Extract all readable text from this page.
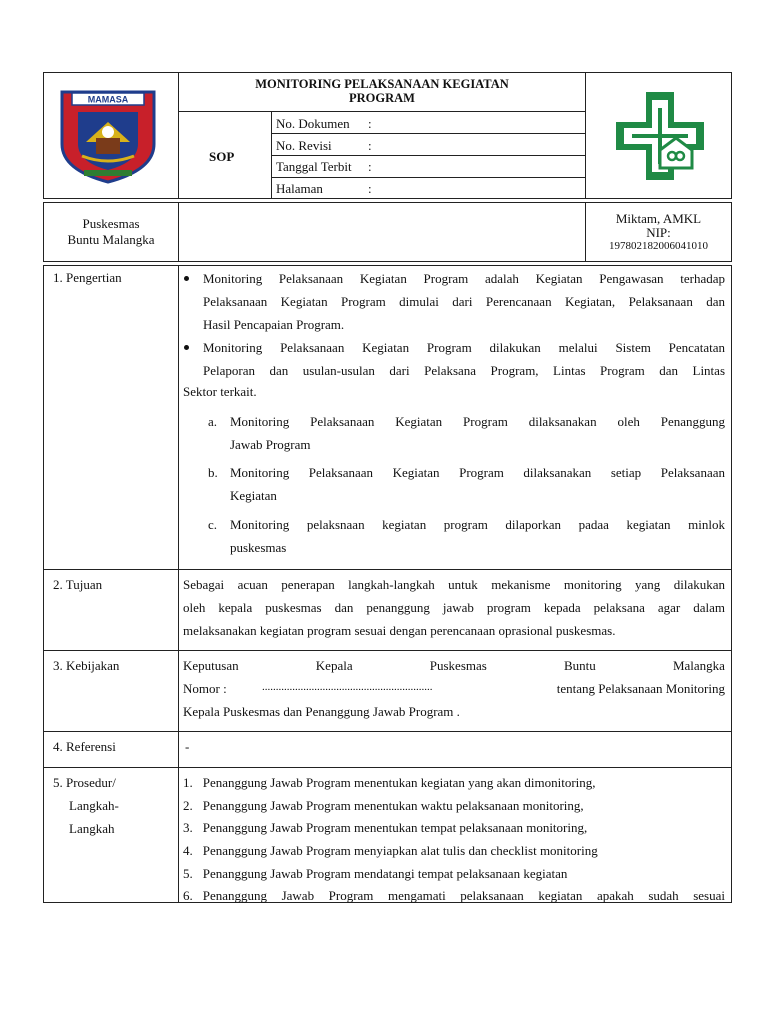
MAMASA
MONITORING PELAKSANAAN KEGIATAN
PROGRAM
SOP
No. Dokumen :
No. Revisi	:
Tanggal Terbit :
Halaman	:
Puskesmas
Buntu Malangka
Miktam, AMKL
NIP:
197802182006041010
1. Pengertian	Monitoring Pelaksanaan Kegiatan Program adalah Kegiatan Pengawasan terhadap
Pelaksanaan Kegiatan Program dimulai dari Perencanaan Kegiatan, Pelaksanaan dan
Hasil Pencapaian Program.
Monitoring Pelaksanaan Kegiatan Program dilakukan melalui Sistem Pencatatan
Pelaporan dan usulan-usulan dari Pelaksana Program, Lintas Program dan Lintas
Sektor terkait.
a. Monitoring Pelaksanaan Kegiatan Program dilaksanakan oleh Penanggung
Jawab Program
b. Monitoring Pelaksanaan Kegiatan Program dilaksanakan setiap Pelaksanaan
Kegiatan
c. Monitoring pelaksnaan kegiatan program dilaporkan padaa kegiatan minlok
puskesmas
2. Tujuan	Sebagai acuan penerapan langkah-langkah untuk mekanisme monitoring yang dilakukan
oleh kepala puskesmas dan penanggung jawab program kepada pelaksana agar dalam
melaksanakan kegiatan program sesuai dengan perencanaan oprasional puskesmas.
3. Kebijakan	Keputusan	Kepala	Puskesmas	Buntu	Malangka
Nomor :	..............................................................	tentang Pelaksanaan Monitoring
Kepala Puskesmas dan Penanggung Jawab Program .
4. Referensi	-
5. Prosedur/
Langkah-
Langkah
1. Penanggung Jawab Program menentukan kegiatan yang akan dimonitoring,
2. Penanggung Jawab Program menentukan waktu pelaksanaan monitoring,
3. Penanggung Jawab Program menentukan tempat pelaksanaan monitoring,
4. Penanggung Jawab Program menyiapkan alat tulis dan checklist monitoring
5. Penanggung Jawab Program mendatangi tempat pelaksanaan kegiatan
6. Penanggung Jawab Program mengamati pelaksanaan kegiatan apakah sudah sesuai
